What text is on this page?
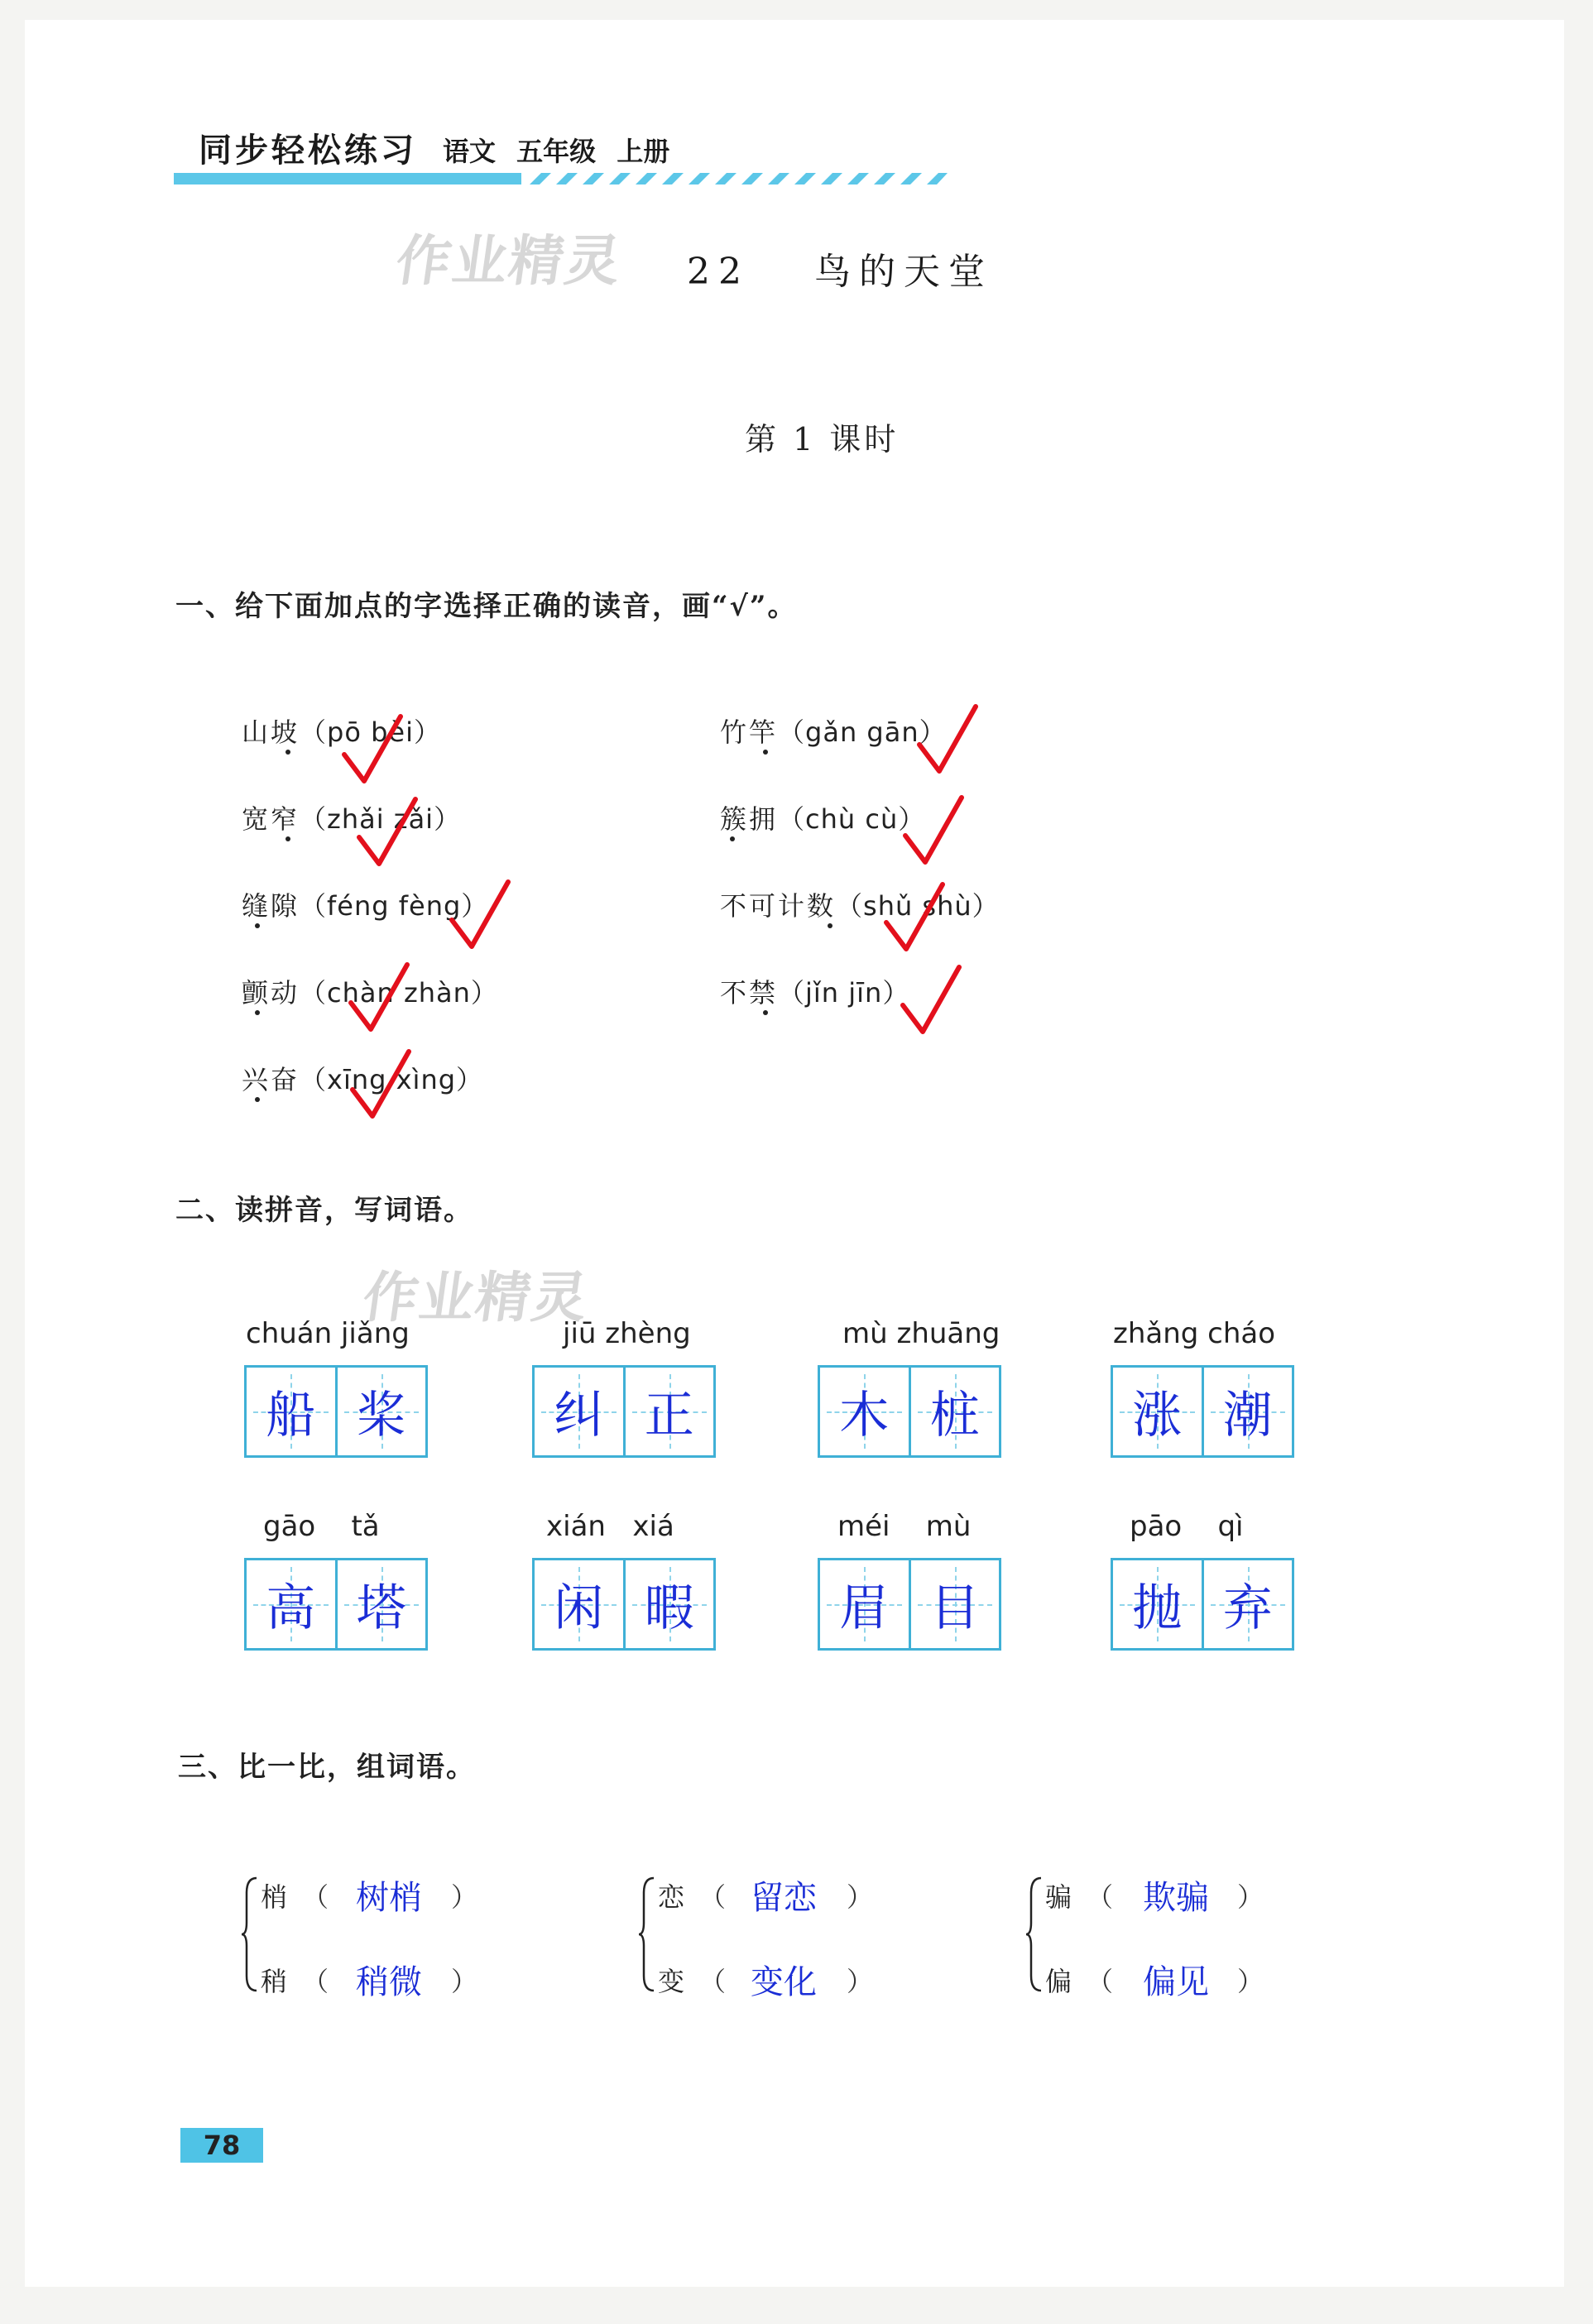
同步轻松练习 语文 五年级 上册
作业精灵
作业精灵
22 鸟的天堂
第 1 课时
一、给下面加点的字选择正确的读音，画“√”。
山坡（pō bèi）	竹竿（gǎn gān）
宽窄（zhǎi zǎi）	簇拥（chù cù）
缝隙（féng fèng）	不可计数（shǔ shù）
颤动（chàn zhàn）	不禁（jǐn jīn）
兴奋（xīng xìng）
二、读拼音，写词语。
chuán jiǎng
船 桨
jiū zhèng
纠 正
mù zhuāng
木 桩
zhǎng cháo
涨 潮
gāo    tǎ
高 塔
xián   xiá
闲 暇
méi    mù
眉 目
pāo    qì
抛 弃
三、比一比，组词语。
梢 （ 树梢 ）
稍 （ 稍微 ）
恋 （ 留恋 ）
变 （ 变化 ）
骗 （ 欺骗 ）
偏 （ 偏见 ）
78
